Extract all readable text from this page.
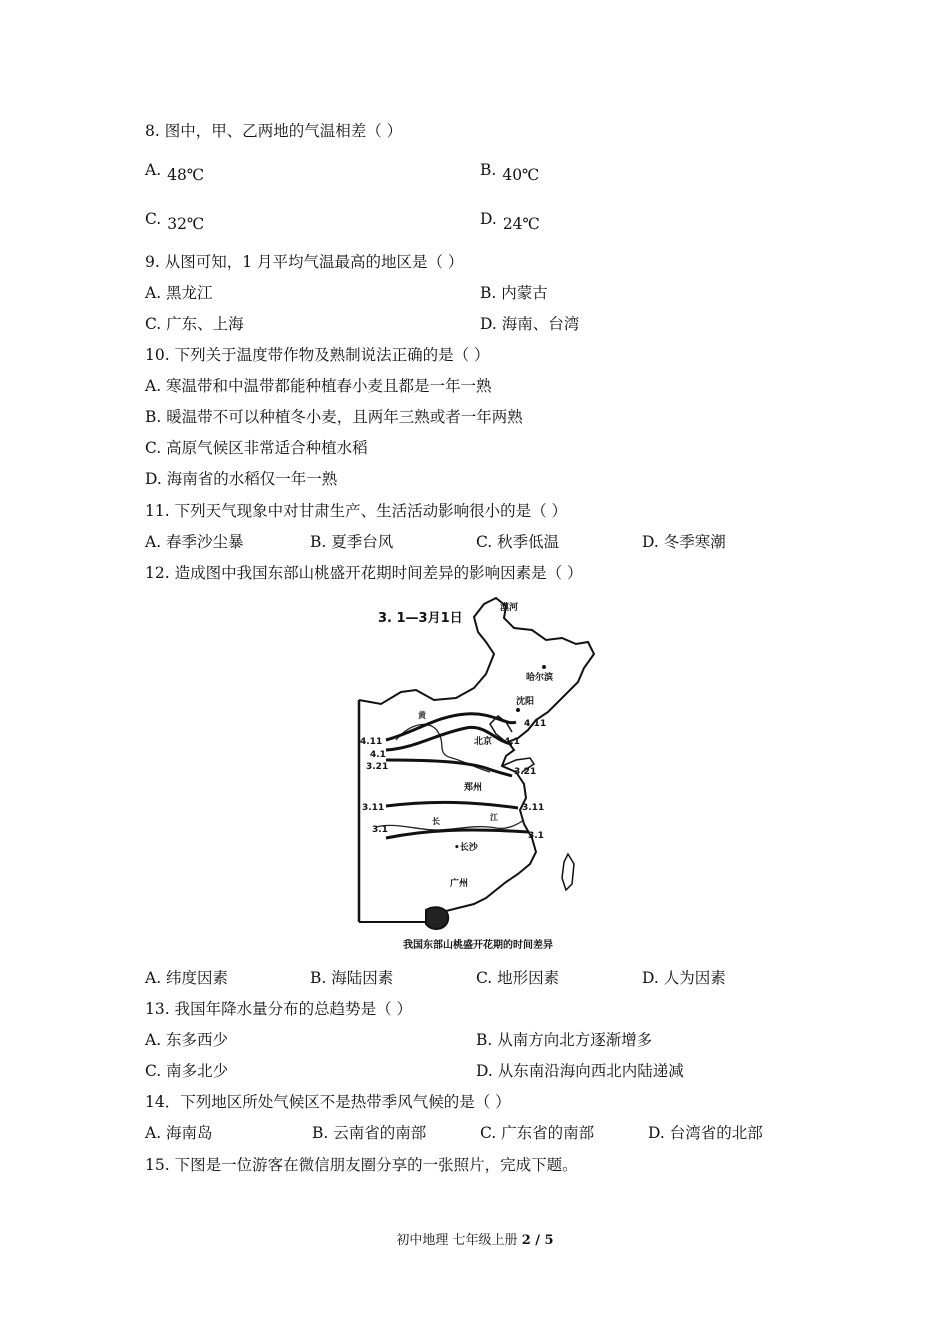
8. 图中，甲、乙两地的气温相差（ ）
A. 48℃	B. 40℃
C. 32℃	D. 24℃
9. 从图可知，1 月平均气温最高的地区是（ ）
A. 黑龙江	B. 内蒙古
C. 广东、上海	D. 海南、台湾
10. 下列关于温度带作物及熟制说法正确的是（ ）
A. 寒温带和中温带都能种植春小麦且都是一年一熟
B. 暖温带不可以种植冬小麦，且两年三熟或者一年两熟
C. 高原气候区非常适合种植水稻
D. 海南省的水稻仅一年一熟
11. 下列天气现象中对甘肃生产、生活活动影响很小的是（ ）
A. 春季沙尘暴	B. 夏季台风	C. 秋季低温	D. 冬季寒潮
12. 造成图中我国东部山桃盛开花期时间差异的影响因素是（ ）
3. 1—3月1日
4.11
4.1
3.21
3.11
3.1
4.11
4.1
3.21
3.11
3.1
漠河
哈尔滨
沈阳
北京
郑州
•长沙
广州
黄
长	江
我国东部山桃盛开花期的时间差异
A. 纬度因素	B. 海陆因素	C. 地形因素	D. 人为因素
13. 我国年降水量分布的总趋势是（ ）
A. 东多西少	B. 从南方向北方逐渐增多
C. 南多北少	D. 从东南沿海向西北内陆递减
14．下列地区所处气候区不是热带季风气候的是（ ）
A. 海南岛	B. 云南省的南部	C. 广东省的南部	D. 台湾省的北部
15. 下图是一位游客在微信朋友圈分享的一张照片，完成下题。
初中地理 七年级上册 2 / 5
